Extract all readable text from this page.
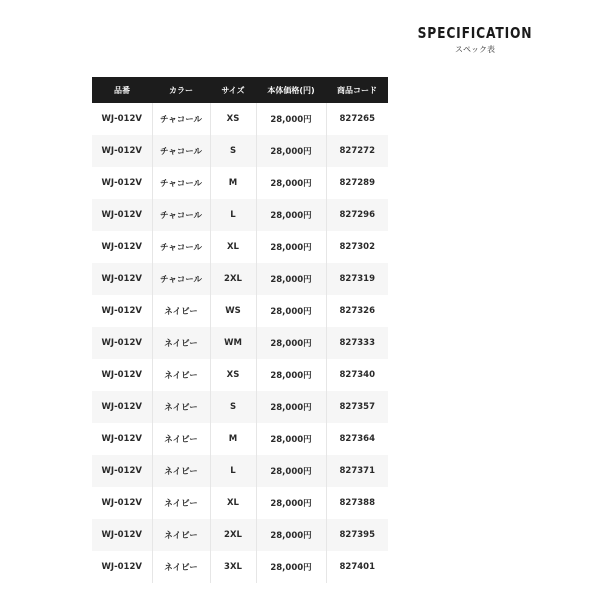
SPECIFICATION
スペック表
品番	カラー	サイズ	本体価格(円)	商品コード
WJ-012V	チャコール	XS	28,000円	827265
WJ-012V	チャコール	S	28,000円	827272
WJ-012V	チャコール	M	28,000円	827289
WJ-012V	チャコール	L	28,000円	827296
WJ-012V	チャコール	XL	28,000円	827302
WJ-012V	チャコール	2XL	28,000円	827319
WJ-012V	ネイビー	WS	28,000円	827326
WJ-012V	ネイビー	WM	28,000円	827333
WJ-012V	ネイビー	XS	28,000円	827340
WJ-012V	ネイビー	S	28,000円	827357
WJ-012V	ネイビー	M	28,000円	827364
WJ-012V	ネイビー	L	28,000円	827371
WJ-012V	ネイビー	XL	28,000円	827388
WJ-012V	ネイビー	2XL	28,000円	827395
WJ-012V	ネイビー	3XL	28,000円	827401
